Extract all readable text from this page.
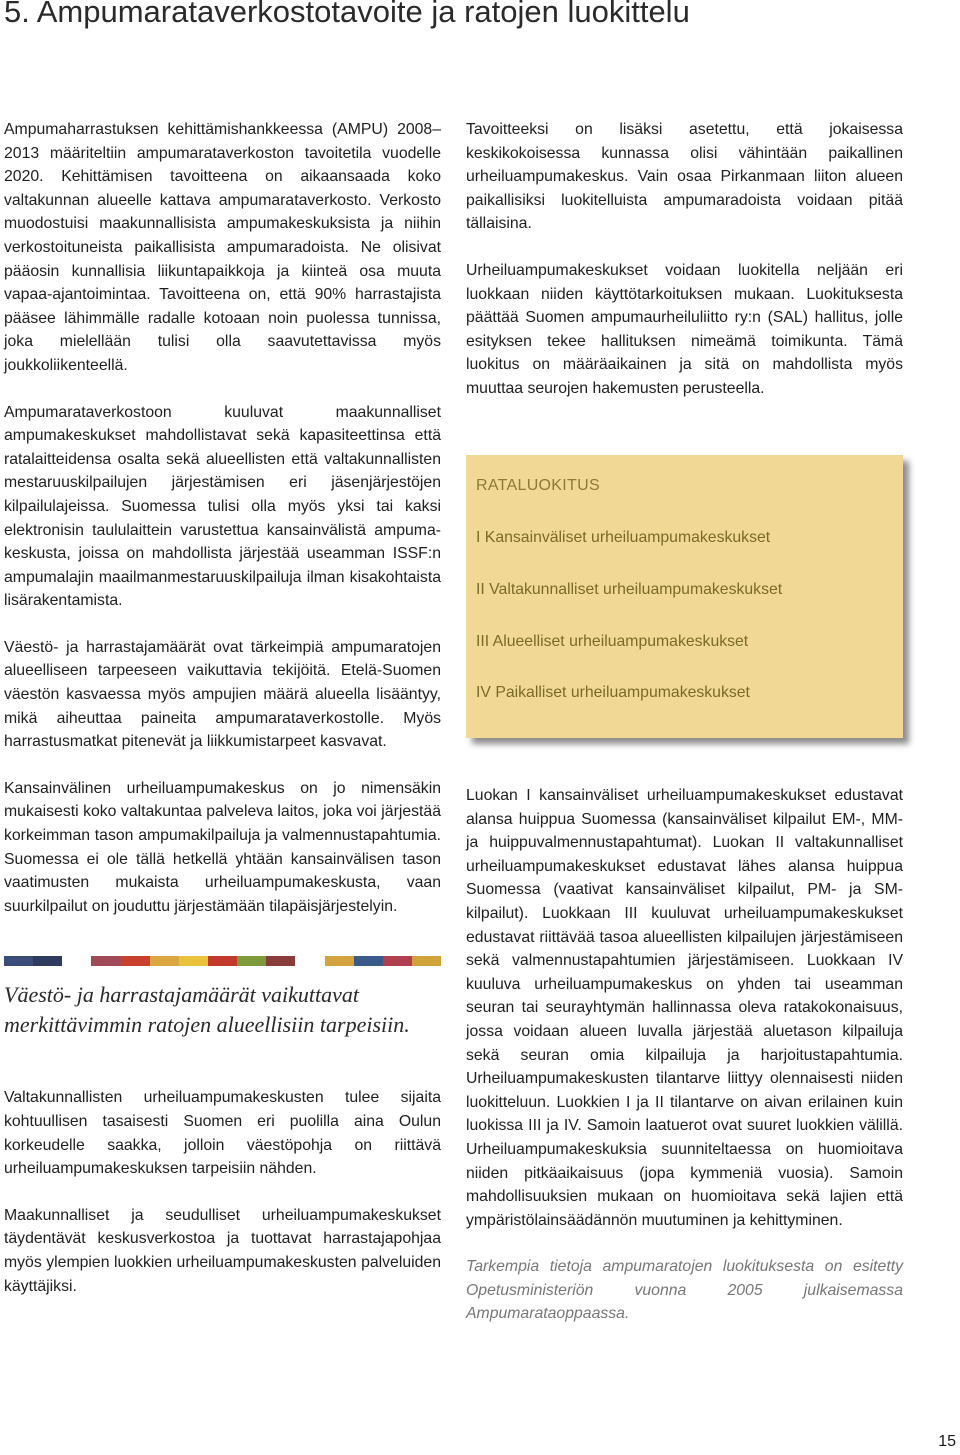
5. Ampumarataverkostotavoite ja ratojen luokittelu

Ampumaharrastuksen kehittämishankkeessa (AMPU) 2008–2013 määriteltiin ampumarataverkoston tavoitetila vuodelle 2020. Kehittämisen tavoitteena on aikaansaada koko valtakunnan alueelle kattava ampumarataverkosto. Verkosto muodostuisi maakunnallisista ampumakeskuksista ja niihin verkostoituneista paikallisista ampumaradoista. Ne olisivat pääosin kunnallisia liikuntapaikkoja ja kiinteä osa muuta vapaa-ajantoimintaa. Tavoitteena on, että 90% harrastajista pääsee lähimmälle radalle kotoaan noin puolessa tunnissa, joka mielellään tulisi olla saavutettavissa myös joukkoliikenteellä.

Ampumarataverkostoon kuuluvat maakunnalliset ampumakeskukset mahdollistavat sekä kapasiteettinsa että ratalaitteidensa osalta sekä alueellisten että valtakunnallisten mestaruuskilpailujen järjestämisen eri jäsenjärjestöjen kilpailulajeissa. Suomessa tulisi olla myös yksi tai kaksi elektronisin taululaittein varustettua kansainvälistä ampuma-keskusta, joissa on mahdollista järjestää useamman ISSF:n ampumalajin maailmanmestaruuskilpailuja ilman kisakohtaista lisärakentamista.

Väestö- ja harrastajamäärät ovat tärkeimpiä ampumaratojen alueelliseen tarpeeseen vaikuttavia tekijöitä. Etelä-Suomen väestön kasvaessa myös ampujien määrä alueella lisääntyy, mikä aiheuttaa paineita ampumarataverkostolle. Myös harrastusmatkat pitenevät ja liikkumistarpeet kasvavat.

Kansainvälinen urheiluampumakeskus on jo nimensäkin mukaisesti koko valtakuntaa palveleva laitos, joka voi järjestää korkeimman tason ampumakilpailuja ja valmennustapahtumia. Suomessa ei ole tällä hetkellä yhtään kansainvälisen tason vaatimusten mukaista urheiluampumakeskusta, vaan suurkilpailut on jouduttu järjestämään tilapäisjärjestelyin.

Väestö- ja harrastajamäärät vaikuttavat merkittävimmin ratojen alueellisiin tarpeisiin.

Valtakunnallisten urheiluampumakeskusten tulee sijaita kohtuullisen tasaisesti Suomen eri puolilla aina Oulun korkeudelle saakka, jolloin väestöpohja on riittävä urheiluampumakeskuksen tarpeisiin nähden.

Maakunnalliset ja seudulliset urheiluampumakeskukset täydentävät keskusverkostoa ja tuottavat harrastajapohjaa myös ylempien luokkien urheiluampumakeskusten palveluiden käyttäjiksi.

Tavoitteeksi on lisäksi asetettu, että jokaisessa keskikokoisessa kunnassa olisi vähintään paikallinen urheiluampumakeskus. Vain osaa Pirkanmaan liiton alueen paikallisiksi luokitelluista ampumaradoista voidaan pitää tällaisina.

Urheiluampumakeskukset voidaan luokitella neljään eri luokkaan niiden käyttötarkoituksen mukaan. Luokituksesta päättää Suomen ampumaurheiluliitto ry:n (SAL) hallitus, jolle esityksen tekee hallituksen nimeämä toimikunta. Tämä luokitus on määräaikainen ja sitä on mahdollista myös muuttaa seurojen hakemusten perusteella.

RATALUOKITUS
I Kansainväliset urheiluampumakeskukset
II Valtakunnalliset urheiluampumakeskukset
III Alueelliset urheiluampumakeskukset
IV Paikalliset urheiluampumakeskukset

Luokan I kansainväliset urheiluampumakeskukset edustavat alansa huippua Suomessa (kansainväliset kilpailut EM-, MM- ja huippuvalmennustapahtumat). Luokan II valtakunnalliset urheiluampumakeskukset edustavat lähes alansa huippua Suomessa (vaativat kansainväliset kilpailut, PM- ja SM-kilpailut). Luokkaan III kuuluvat urheiluampumakeskukset edustavat riittävää tasoa alueellisten kilpailujen järjestämiseen sekä valmennustapahtumien järjestämiseen. Luokkaan IV kuuluva urheiluampumakeskus on yhden tai useamman seuran tai seurayhtymän hallinnassa oleva ratakokonaisuus, jossa voidaan alueen luvalla järjestää aluetason kilpailuja sekä seuran omia kilpailuja ja harjoitustapahtumia. Urheiluampumakeskusten tilantarve liittyy olennaisesti niiden luokitteluun. Luokkien I ja II tilantarve on aivan erilainen kuin luokissa III ja IV. Samoin laatuerot ovat suuret luokkien välillä. Urheiluampumakeskuksia suunniteltaessa on huomioitava niiden pitkäaikaisuus (jopa kymmeniä vuosia). Samoin mahdollisuuksien mukaan on huomioitava sekä lajien että ympäristölainsäädännön muutuminen ja kehittyminen.

Tarkempia tietoja ampumaratojen luokituksesta on esitetty Opetusministeriön vuonna 2005 julkaisemassa Ampumarataoppaassa.

15
